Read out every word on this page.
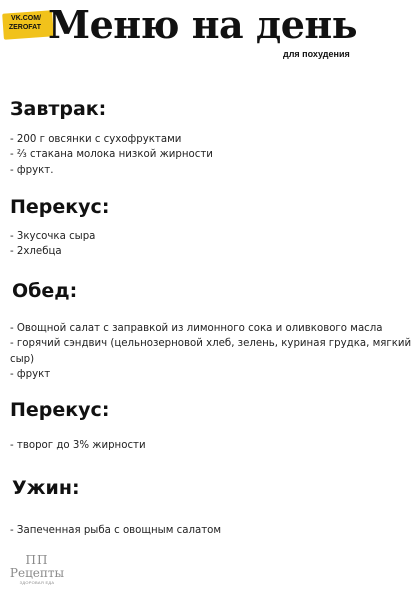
VK.COM/
ZEROFAT Меню на день

для похудения

Завтрак:
- 200 г овсянки с сухофруктами
- ⅔ стакана молока низкой жирности
- фрукт.
Перекус:
- 3кусочка сыра
- 2хлебца
Обед:
- Овощной салат с заправкой из лимонного сока и оливкового масла
- горячий сэндвич (цельнозерновой хлеб, зелень, куриная грудка, мягкий сыр)
- фрукт
Перекус:
- творог до 3% жирности
Ужин:
- Запеченная рыба с овощным салатом
ПП
Рецепты
ЗДОРОВАЯ ЕДА
